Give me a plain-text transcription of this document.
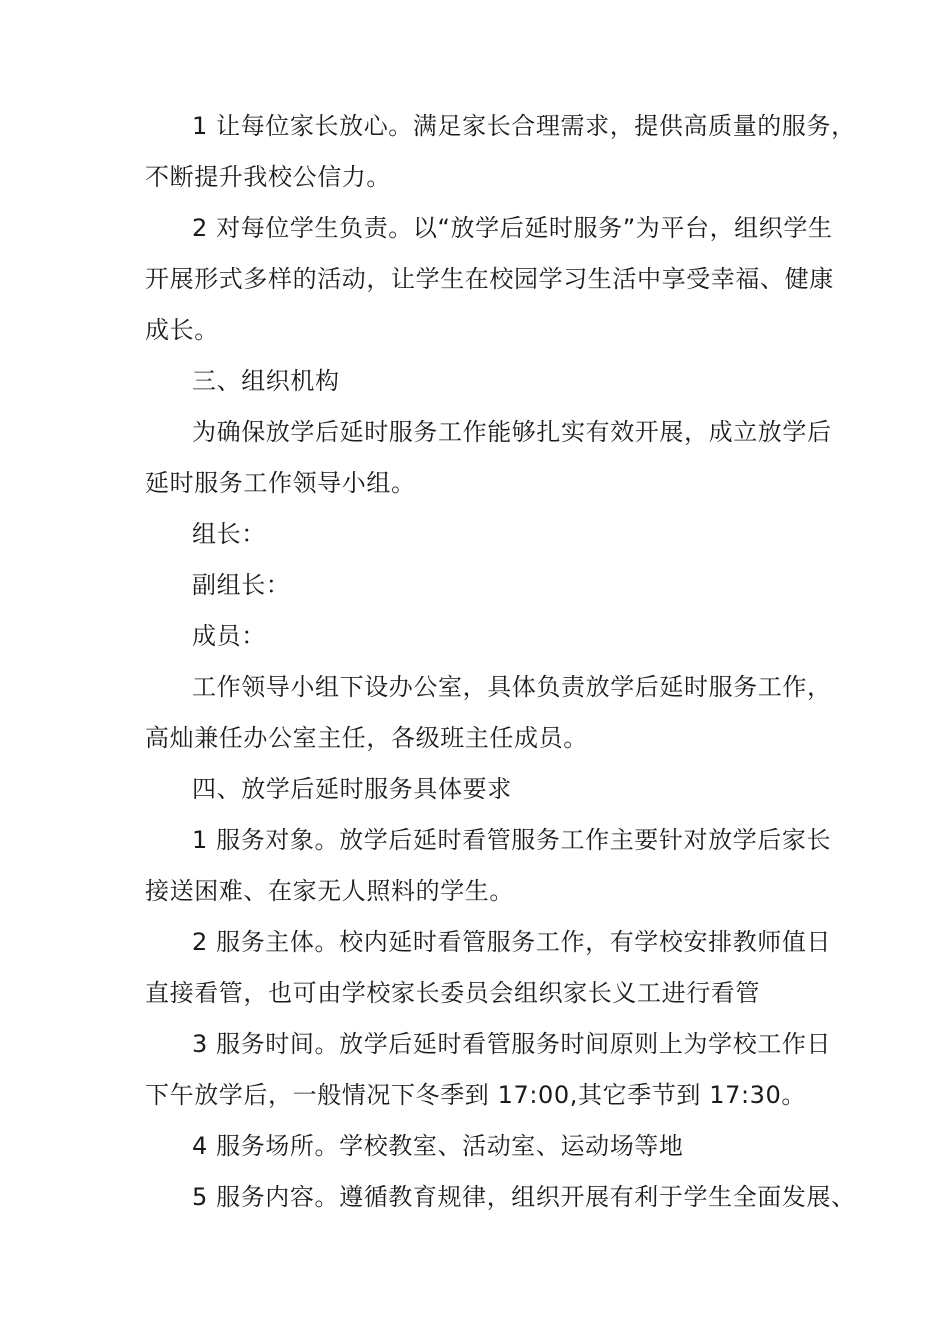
1 让每位家长放心。满足家长合理需求，提供高质量的服务，
不断提升我校公信力。
2 对每位学生负责。以“放学后延时服务”为平台，组织学生
开展形式多样的活动，让学生在校园学习生活中享受幸福、健康
成长。
三、组织机构
为确保放学后延时服务工作能够扎实有效开展，成立放学后
延时服务工作领导小组。
组长：
副组长：
成员：
工作领导小组下设办公室，具体负责放学后延时服务工作，
高灿兼任办公室主任，各级班主任成员。
四、放学后延时服务具体要求
1 服务对象。放学后延时看管服务工作主要针对放学后家长
接送困难、在家无人照料的学生。
2 服务主体。校内延时看管服务工作，有学校安排教师值日
直接看管，也可由学校家长委员会组织家长义工进行看管
3 服务时间。放学后延时看管服务时间原则上为学校工作日
下午放学后，一般情况下冬季到 17:00,其它季节到 17:30。
4 服务场所。学校教室、活动室、运动场等地
5 服务内容。遵循教育规律，组织开展有利于学生全面发展、
